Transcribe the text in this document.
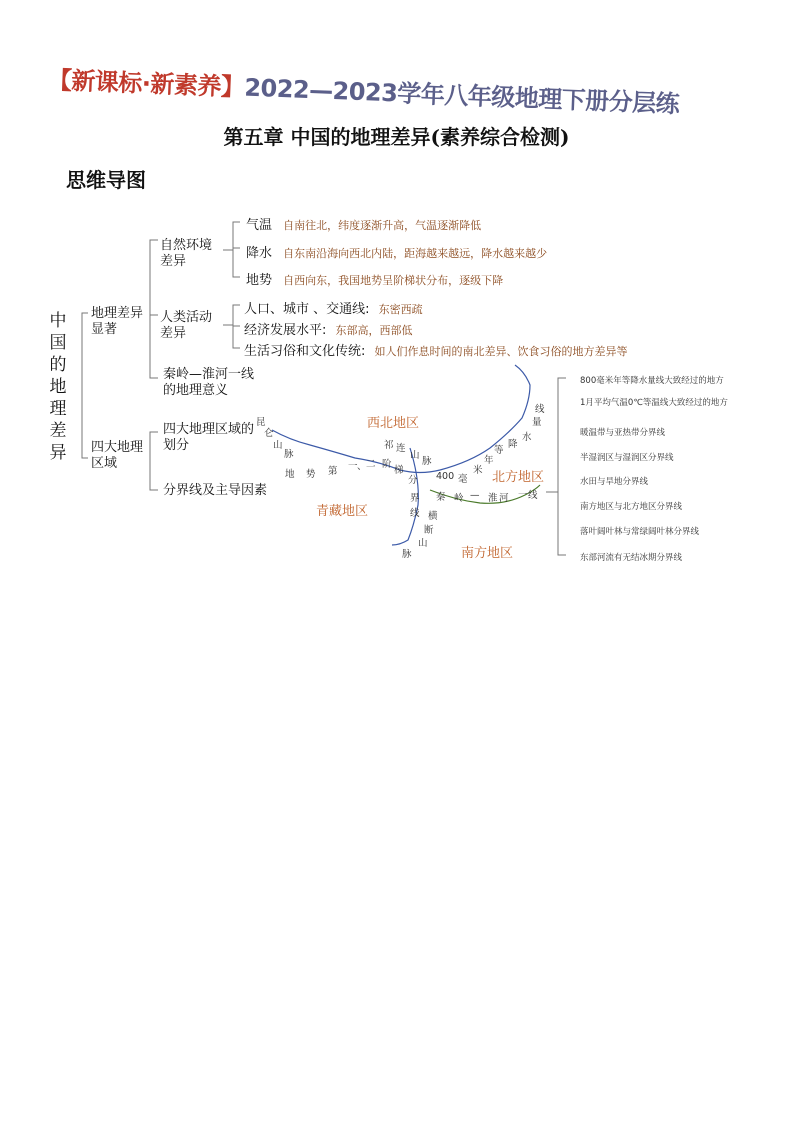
【新课标·新素养】2022—2023学年八年级地理下册分层练
第五章 中国的地理差异(素养综合检测)
思维导图
中国的地理差异
地理差异显著
自然环境差异
人类活动差异
秦岭—淮河一线的地理意义
气温 自南往北，纬度逐渐升高，气温逐渐降低
降水 自东南沿海向西北内陆，距海越来越远，降水越来越少
地势 自西向东，我国地势呈阶梯状分布，逐级下降
人口、城市 、交通线: 东密西疏
经济发展水平: 东部高，西部低
生活习俗和文化传统: 如人们作息时间的南北差异、饮食习俗的地方差异等
四大地理区域
四大地理区域的划分
分界线及主导因素
西北地区
北方地区
青藏地区
南方地区
昆
仑
山
脉
地 势 第 一 、 二 阶
梯
祁 连
山
脉
400 毫
米
年
等
降
水
线
量
分
界
线 横
断
山
脉
秦 岭 — 淮 河 一 线
800毫米年等降水量线大致经过的地方
1月平均气温0℃等温线大致经过的地方
暖温带与亚热带分界线
半湿润区与湿润区分界线
水田与旱地分界线
南方地区与北方地区分界线
落叶阔叶林与常绿阔叶林分界线
东部河流有无结冰期分界线
